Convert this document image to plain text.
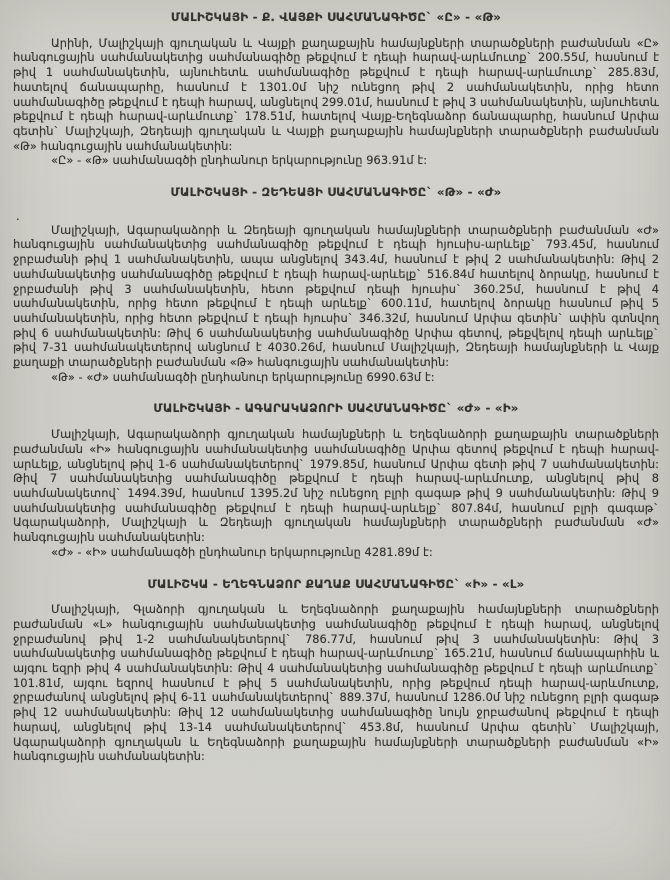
ՄԱԼԻՇԿԱՅԻ - Ք. ՎԱՅՔԻ ՍԱՀՄԱՆԱԳԻԾԸ` «Ը» - «Թ»

Արինի, Մալիշկայի գյուղական և Վայքի քաղաքային համայնքների տարածքների բաժանման «Ը» հանգուցային սահմանակետից սահմանագիծը թեքվում է դեպի հարավ-արևմուտք` 200.55մ, հասնում է թիվ 1 սահմանակետին, այնուհետև սահմանագիծը թեքվում է դեպի հարավ-արևմուտք` 285.83մ, հատելով ճանապարհը, հասնում է 1301.0մ նիշ ունեցող թիվ 2 սահմանակետին, որից հետո սահմանագիծը թեքվում է դեպի հարավ, անցնելով 299.01մ, հասնում է թիվ 3 սահմանակետին, այնուհետև թեքվում է դեպի հարավ-արևմուտք` 178.51մ, հատելով Վայք-Եղեգնաձոր ճանապարհը, հասնում Արփա գետին` Մալիշկայի, Զեդեայի գյուղական և Վայքի քաղաքային համայնքների տարածքների բաժանման «Թ» հանգուցային սահմանակետին:

«Ը» - «Թ» սահմանագծի ընդհանուր երկարությունը 963.91մ է:

ՄԱԼԻՇԿԱՅԻ - ԶԵԴԵԱՅԻ ՍԱՀՄԱՆԱԳԻԾԸ` «Թ» - «Ժ»
.

Մալիշկայի, Ագարակաձորի և Զեդեայի գյուղական համայնքների տարածքների բաժանման «Ժ» հանգուցային սահմանակետից սահմանագիծը թեքվում է դեպի հյուսիս-արևելք` 793.45մ, հասնում ջրբաժանի թիվ 1 սահմանակետին, ապա անցնելով 343.4մ, հասնում է թիվ 2 սահմանակետին: Թիվ 2 սահմանակետից սահմանագիծը թեքվում է դեպի հարավ-արևելք` 516.84մ հատելով ձորակը, հասնում է ջրբաժանի թիվ 3 սահմանակետին, հետո թեքվում դեպի հյուսիս` 360.25մ, հասնում է թիվ 4 սահմանակետին, որից հետո թեքվում է դեպի արևելք` 600.11մ, հատելով ձորակը հասնում թիվ 5 սահմանակետին, որից հետո թեքվում է դեպի հյուսիս` 346.32մ, հասնում Արփա գետին` ափին գտնվող թիվ 6 սահմանակետին: Թիվ 6 սահմանակետից սահմանագիծը Արփա գետով, թեքվելով դեպի արևելք` թիվ 7-31 սահմանակետերով անցնում է 4030.26մ, հասնում Մալիշկայի, Զեդեայի համայնքների և Վայք քաղաքի տարածքների բաժանման «Թ» հանգուցային սահմանակետին:

«Թ» - «Ժ» սահմանագծի ընդհանուր երկարությունը 6990.63մ է:

ՄԱԼԻՇԿԱՅԻ - ԱԳԱՐԱԿԱՁՈՐԻ ՍԱՀՄԱՆԱԳԻԾԸ` «Ժ» - «Ի»

Մալիշկայի, Ագարակաձորի գյուղական համայնքների և Եղեգնաձորի քաղաքային տարածքների բաժանման «Ի» հանգուցային սահմանակետից սահմանագիծը Արփա գետով թեքվում է դեպի հարավ-արևելք, անցնելով թիվ 1-6 սահմանակետերով` 1979.85մ, հասնում Արփա գետի թիվ 7 սահմանակետին: Թիվ 7 սահմանակետից սահմանագիծը թեքվում է դեպի հարավ-արևմուտք, անցնելով թիվ 8 սահմանակետով` 1494.39մ, հասնում 1395.2մ նիշ ունեցող բլրի գագաթ թիվ 9 սահմանակետին: Թիվ 9 սահմանակետից սահմանագիծը թեքվում է դեպի հարավ-արևելք` 807.84մ, հասնում բլրի գագաթ` Ագարակաձորի, Մալիշկայի և Զեդեայի գյուղական համայնքների տարածքների բաժանման «Ժ» հանգուցային սահմանակետին:

«Ժ» - «Ի» սահմանագծի ընդհանուր երկարությունը 4281.89մ է:

ՄԱԼԻՇԿԱ - ԵՂԵԳՆԱՁՈՐ ՔԱՂԱՔ ՍԱՀՄԱՆԱԳԻԾԸ` «Ի» - «Լ»

Մալիշկայի, Գլաձորի գյուղական և Եղեգնաձորի քաղաքային համայնքների տարածքների բաժանման «Լ» հանգուցային սահմանակետից սահմանագիծը թեքվում է դեպի հարավ, անցնելով ջրբաժանով թիվ 1-2 սահմանակետերով` 786.77մ, հասնում թիվ 3 սահմանակետին: Թիվ 3 սահմանակետից սահմանագիծը թեքվում է դեպի հարավ-արևմուտք` 165.21մ, հասնում ճանապարհին և այգու եզրի թիվ 4 սահմանակետին: Թիվ 4 սահմանակետից սահմանագիծը թեքվում է դեպի արևմուտք` 101.81մ, այգու եզրով հասնում է թիվ 5 սահմանակետին, որից թեքվում դեպի հարավ-արևմուտք, ջրբաժանով անցնելով թիվ 6-11 սահմանակետերով` 889.37մ, հասնում 1286.0մ նիշ ունեցող բլրի գագաթ թիվ 12 սահմանակետին: Թիվ 12 սահմանակետից սահմանագիծը նույն ջրբաժանով թեքվում է դեպի հարավ, անցնելով թիվ 13-14 սահմանակետերով` 453.8մ, հասնում Արփա գետին` Մալիշկայի, Ագարակաձորի գյուղական և Եղեգնաձորի քաղաքային համայնքների տարածքների բաժանման «Ի» հանգուցային սահմանակետին:
